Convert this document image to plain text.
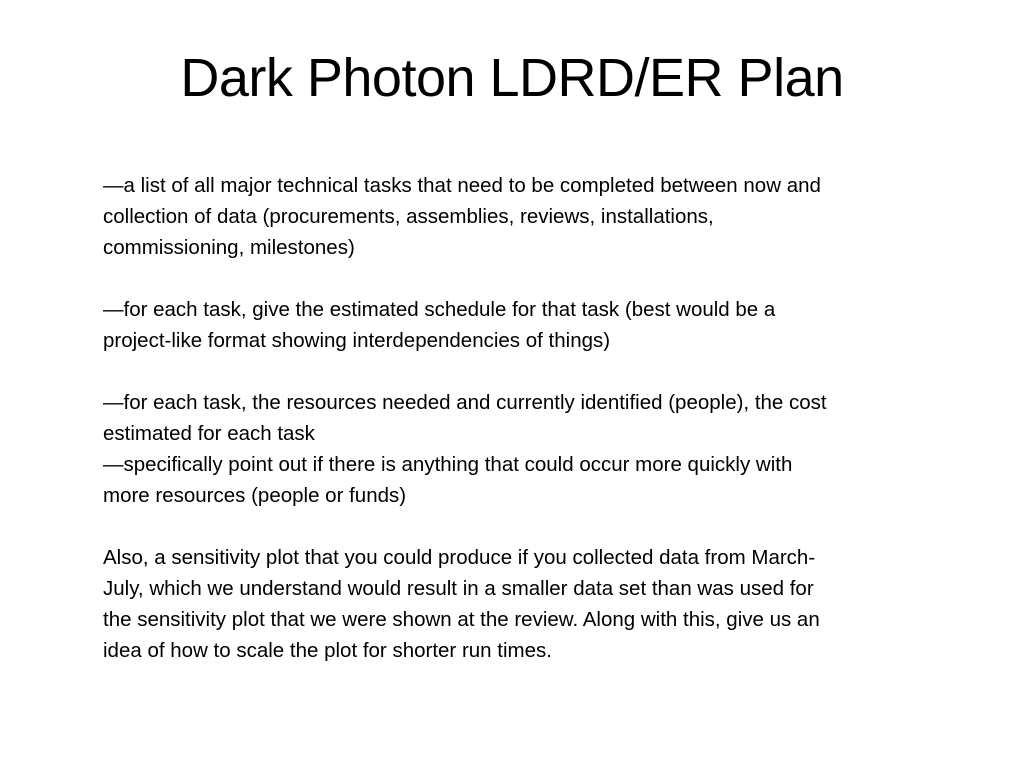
Dark Photon LDRD/ER Plan
—a list of all major technical tasks that need to be completed between now and
collection of data (procurements, assemblies, reviews, installations,
commissioning, milestones)
—for each task, give the estimated schedule for that task (best would be a
project-like format showing interdependencies of things)
—for each task, the resources needed and currently identified (people), the cost
estimated for each task
—specifically point out if there is anything that could occur more quickly with
more resources (people or funds)
Also, a sensitivity plot that you could produce if you collected data from March-
July, which we understand would result in a smaller data set than was used for
the sensitivity plot that we were shown at the review. Along with this, give us an
idea of how to scale the plot for shorter run times.
